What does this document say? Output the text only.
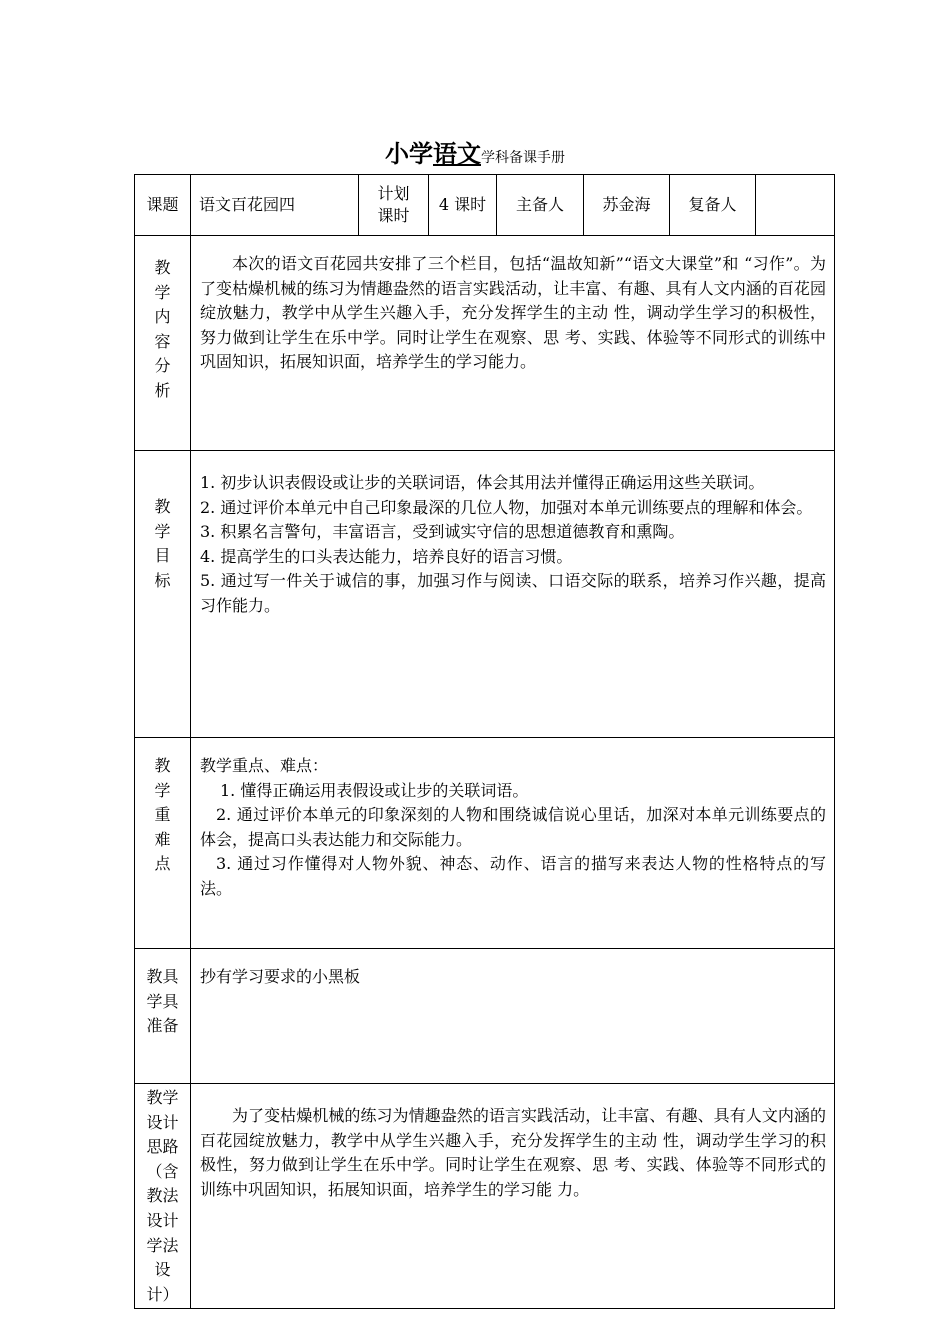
小学语文学科备课手册
课题	语文百花园四	计划课时	4 课时	主备人	苏金海	复备人	

教学内容分析	本次的语文百花园共安排了三个栏目，包括“温故知新”“语文大课堂”和 “习作”。为了变枯燥机械的练习为情趣盎然的语言实践活动，让丰富、有趣、具有人文内涵的百花园绽放魅力，教学中从学生兴趣入手，充分发挥学生的主动 性，调动学生学习的积极性，努力做到让学生在乐中学。同时让学生在观察、思 考、实践、体验等不同形式的训练中巩固知识，拓展知识面，培养学生的学习能力。						

教学目标	1. 初步认识表假设或让步的关联词语，体会其用法并懂得正确运用这些关联词。
2. 通过评价本单元中自己印象最深的几位人物，加强对本单元训练要点的理解和体会。
3. 积累名言警句，丰富语言，受到诚实守信的思想道德教育和熏陶。
4. 提高学生的口头表达能力，培养良好的语言习惯。
5. 通过写一件关于诚信的事，加强习作与阅读、口语交际的联系，培养习作兴趣，提高习作能力。						

教学重难点	教学重点、难点：
1. 懂得正确运用表假设或让步的关联词语。
2. 通过评价本单元的印象深刻的人物和围绕诚信说心里话，加深对本单元训练要点的体会，提高口头表达能力和交际能力。
3. 通过习作懂得对人物外貌、神态、动作、语言的描写来表达人物的性格特点的写法。						

教具学具准备	抄有学习要求的小黑板						

教学设计思路（含教法设计学法设计）	为了变枯燥机械的练习为情趣盎然的语言实践活动，让丰富、有趣、具有人文内涵的百花园绽放魅力，教学中从学生兴趣入手，充分发挥学生的主动 性，调动学生学习的积极性，努力做到让学生在乐中学。同时让学生在观察、思 考、实践、体验等不同形式的训练中巩固知识，拓展知识面，培养学生的学习能 力。						
